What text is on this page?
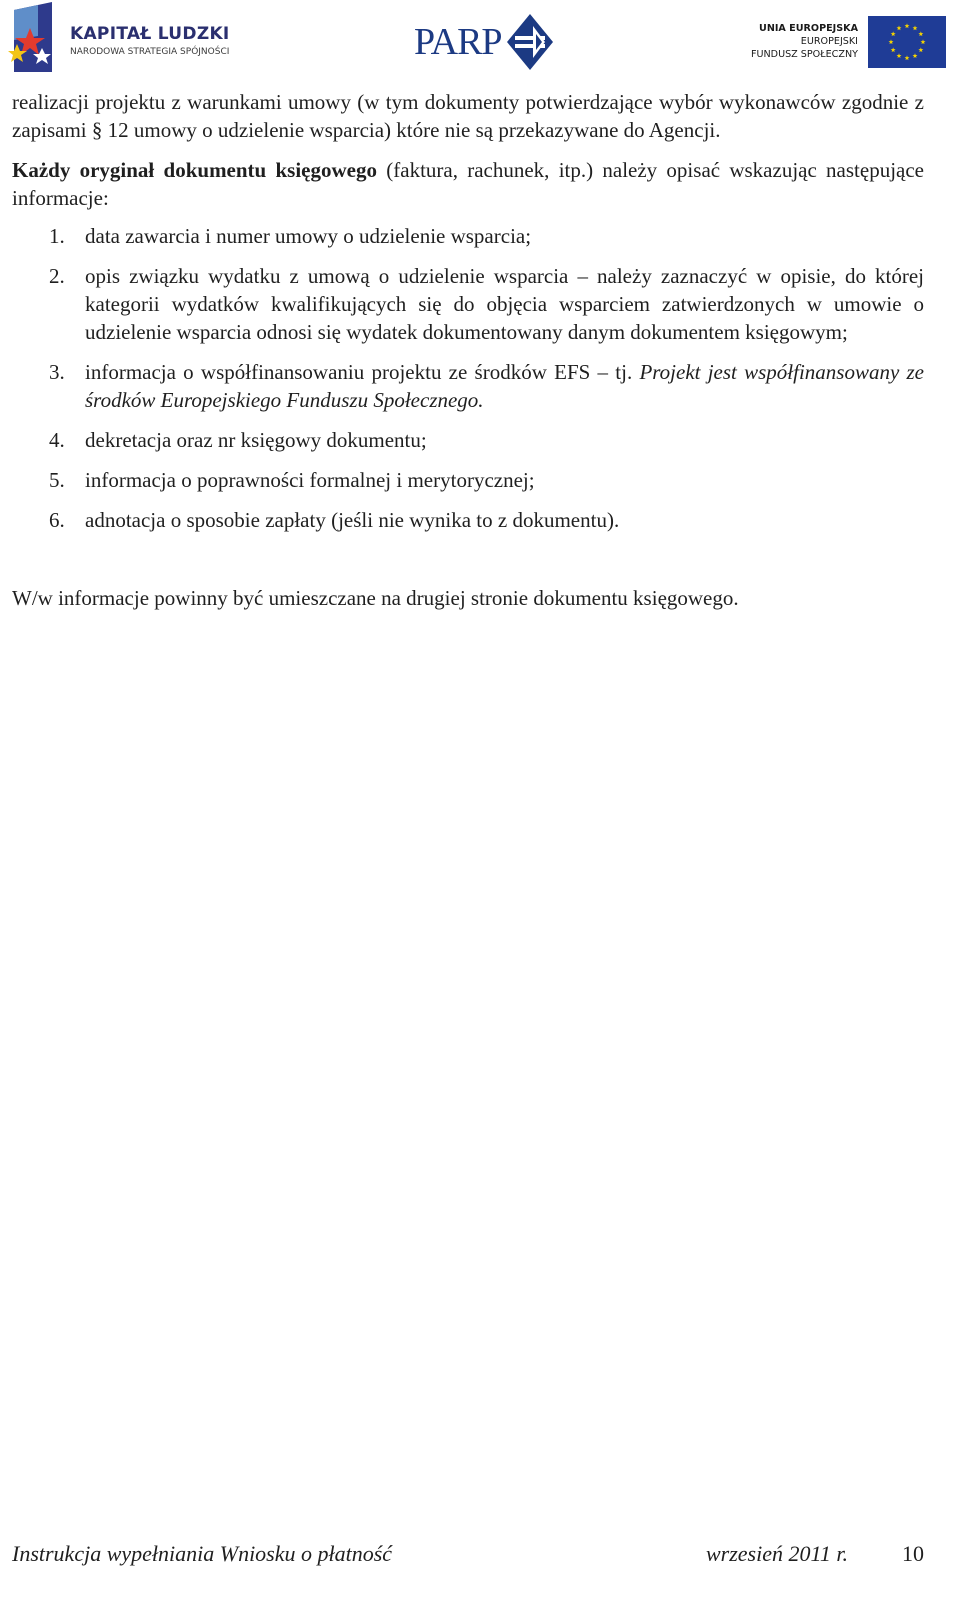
KAPITAŁ LUDZKI
NARODOWA STRATEGIA SPÓJNOŚCI	PARP	UNIA EUROPEJSKA
EUROPEJSKI
FUNDUSZ SPOŁECZNY

realizacji projektu z warunkami umowy (w tym dokumenty potwierdzające wybór wykonawców zgodnie z zapisami § 12 umowy o udzielenie wsparcia) które nie są przekazywane do Agencji.

Każdy oryginał dokumentu księgowego (faktura, rachunek, itp.) należy opisać wskazując następujące informacje:

1. data zawarcia i numer umowy o udzielenie wsparcia;
2. opis związku wydatku z umową o udzielenie wsparcia – należy zaznaczyć w opisie, do której kategorii wydatków kwalifikujących się do objęcia wsparciem zatwierdzonych w umowie o udzielenie wsparcia odnosi się wydatek dokumentowany danym dokumentem księgowym;
3. informacja o współfinansowaniu projektu ze środków EFS – tj. Projekt jest współfinansowany ze środków Europejskiego Funduszu Społecznego.
4. dekretacja oraz nr księgowy dokumentu;
5. informacja o poprawności formalnej i merytorycznej;
6. adnotacja o sposobie zapłaty (jeśli nie wynika to z dokumentu).

W/w informacje powinny być umieszczane na drugiej stronie dokumentu księgowego.

Instrukcja wypełniania Wniosku o płatność	wrzesień 2011 r. 10
